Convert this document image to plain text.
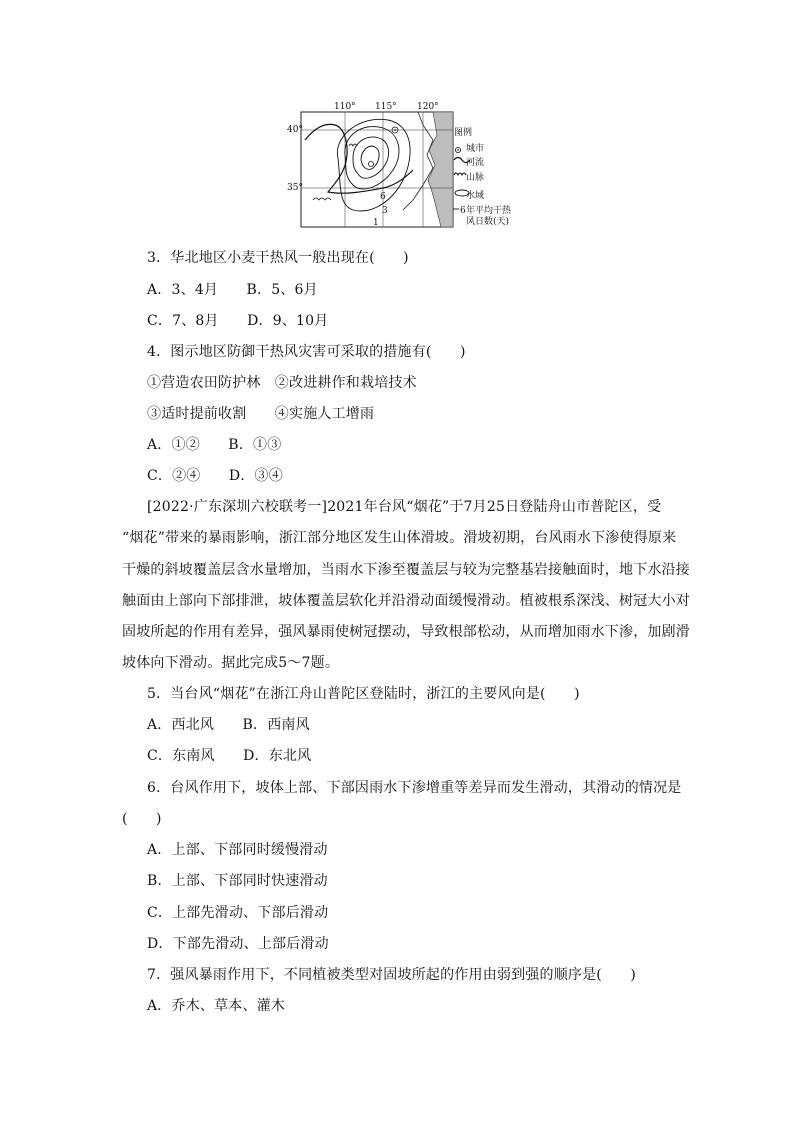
110° 115° 120°
40°
35°
6
3
1
图例
城市
河流
山脉
水域
年平均干热
风日数(天)
6
3．华北地区小麦干热风一般出现在(　　)
A．3、4月　　B．5、6月
C．7、8月　　D．9、10月
4．图示地区防御干热风灾害可采取的措施有(　　)
①营造农田防护林　②改进耕作和栽培技术
③适时提前收割　　④实施人工增雨
A．①②　　B．①③
C．②④　　D．③④
[2022·广东深圳六校联考一]2021年台风“烟花”于7月25日登陆舟山市普陀区，受
“烟花”带来的暴雨影响，浙江部分地区发生山体滑坡。滑坡初期，台风雨水下渗使得原来
干燥的斜坡覆盖层含水量增加，当雨水下渗至覆盖层与较为完整基岩接触面时，地下水沿接
触面由上部向下部排泄，坡体覆盖层软化并沿滑动面缓慢滑动。植被根系深浅、树冠大小对
固坡所起的作用有差异，强风暴雨使树冠摆动，导致根部松动，从而增加雨水下渗，加剧滑
坡体向下滑动。据此完成5～7题。
5．当台风“烟花”在浙江舟山普陀区登陆时，浙江的主要风向是(　　)
A．西北风　　B．西南风
C．东南风　　D．东北风
6．台风作用下，坡体上部、下部因雨水下渗增重等差异而发生滑动，其滑动的情况是
(　　)
A．上部、下部同时缓慢滑动
B．上部、下部同时快速滑动
C．上部先滑动、下部后滑动
D．下部先滑动、上部后滑动
7．强风暴雨作用下，不同植被类型对固坡所起的作用由弱到强的顺序是(　　)
A．乔木、草本、灌木
